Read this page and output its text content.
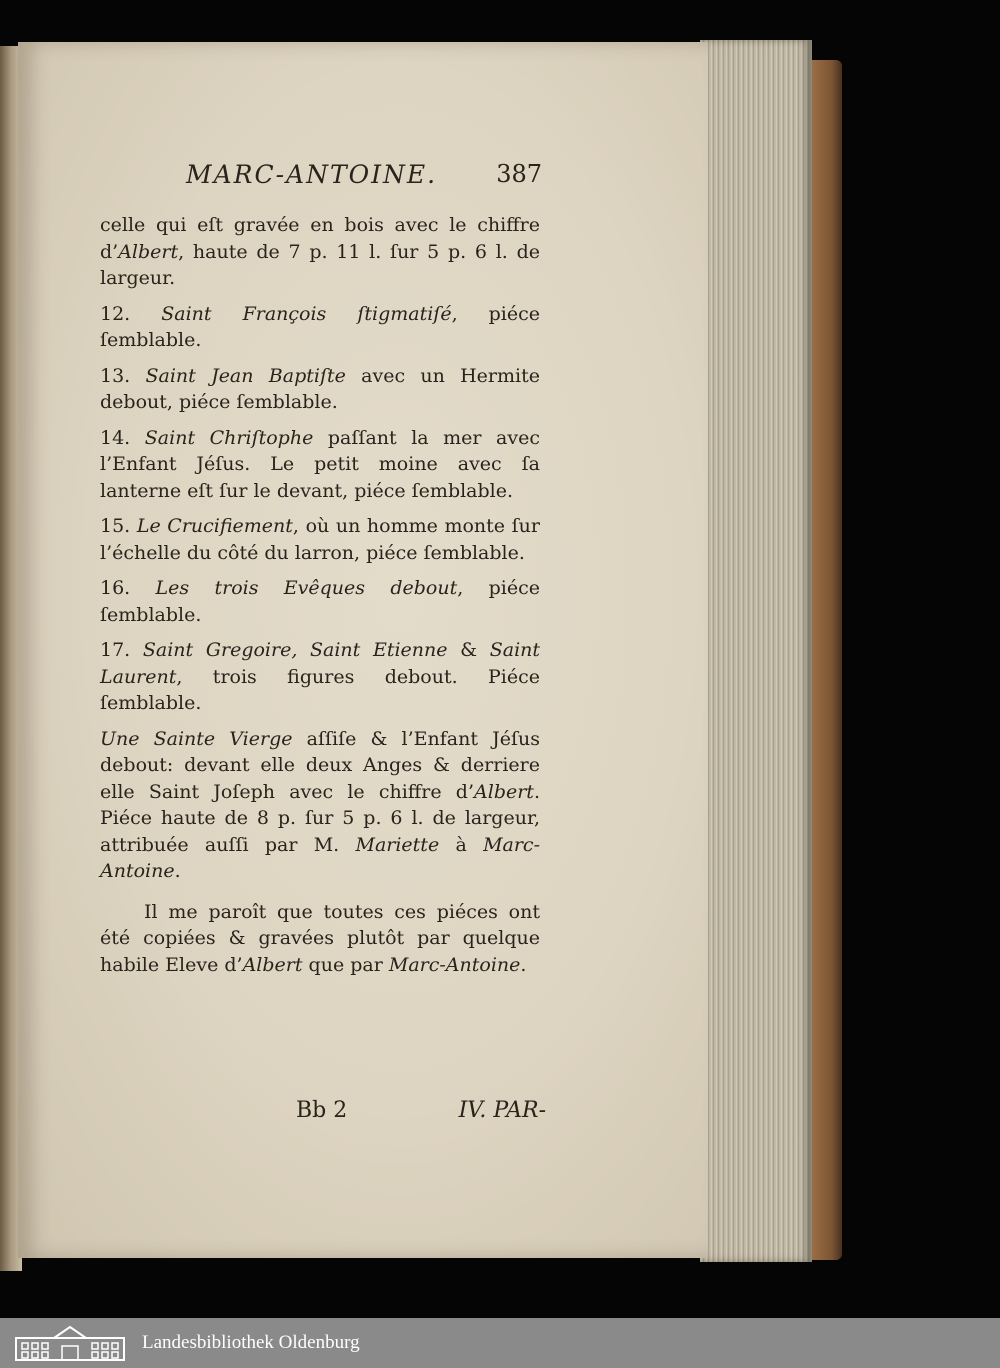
MARC-ANTOINE. 387

celle qui eſt gravée en bois avec le chiffre d’Albert, haute de 7 p. 11 l. ſur 5 p. 6 l. de largeur.

12. Saint François ſtigmatiſé, piéce ſemblable.

13. Saint Jean Baptiſte avec un Hermite debout, piéce ſemblable.

14. Saint Chriſtophe paſſant la mer avec l’Enfant Jéſus. Le petit moine avec ſa lanterne eſt ſur le devant, piéce ſemblable.

15. Le Crucifiement, où un homme monte ſur l’échelle du côté du larron, piéce ſemblable.

16. Les trois Evêques debout, piéce ſemblable.

17. Saint Gregoire, Saint Etienne & Saint Laurent, trois figures debout. Piéce ſemblable.

Une Sainte Vierge aſſiſe & l’Enfant Jéſus debout: devant elle deux Anges & derriere elle Saint Joſeph avec le chiffre d’Albert. Piéce haute de 8 p. ſur 5 p. 6 l. de largeur, attribuée auſſi par M. Mariette à Marc-Antoine.

Il me paroît que toutes ces piéces ont été copiées & gravées plutôt par quelque habile Eleve d’Albert que par Marc-Antoine.

Bb 2	IV. PAR-
Landesbibliothek Oldenburg
